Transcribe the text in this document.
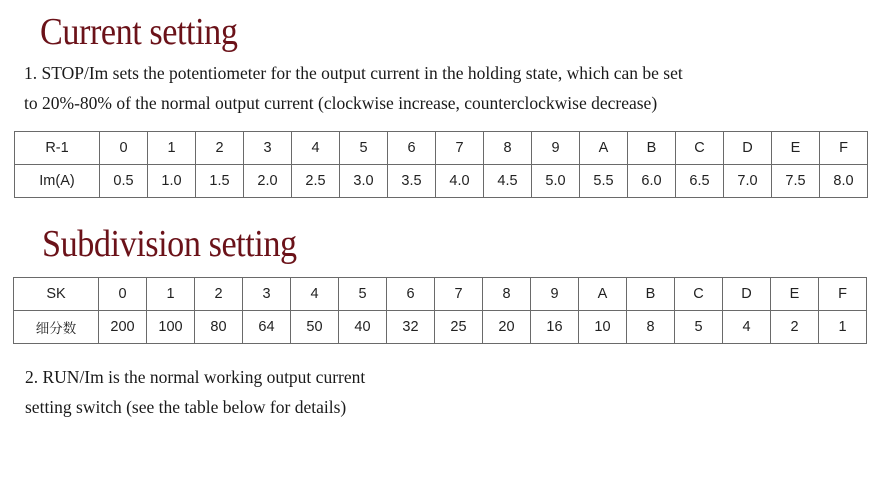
Current setting

1. STOP/Im sets the potentiometer for the output current in the holding state, which can be set
to 20%-80% of the normal output current (clockwise increase, counterclockwise decrease)

R-1	0	1	2	3	4	5	6	7	8	9	A	B	C	D	E	F
Im(A)	0.5	1.0	1.5	2.0	2.5	3.0	3.5	4.0	4.5	5.0	5.5	6.0	6.5	7.0	7.5	8.0
Subdivision setting
SK	0	1	2	3	4	5	6	7	8	9	A	B	C	D	E	F
细分数	200	100	80	64	50	40	32	25	20	16	10	8	5	4	2	1

2. RUN/Im is the normal working output current
setting switch (see the table below for details)
